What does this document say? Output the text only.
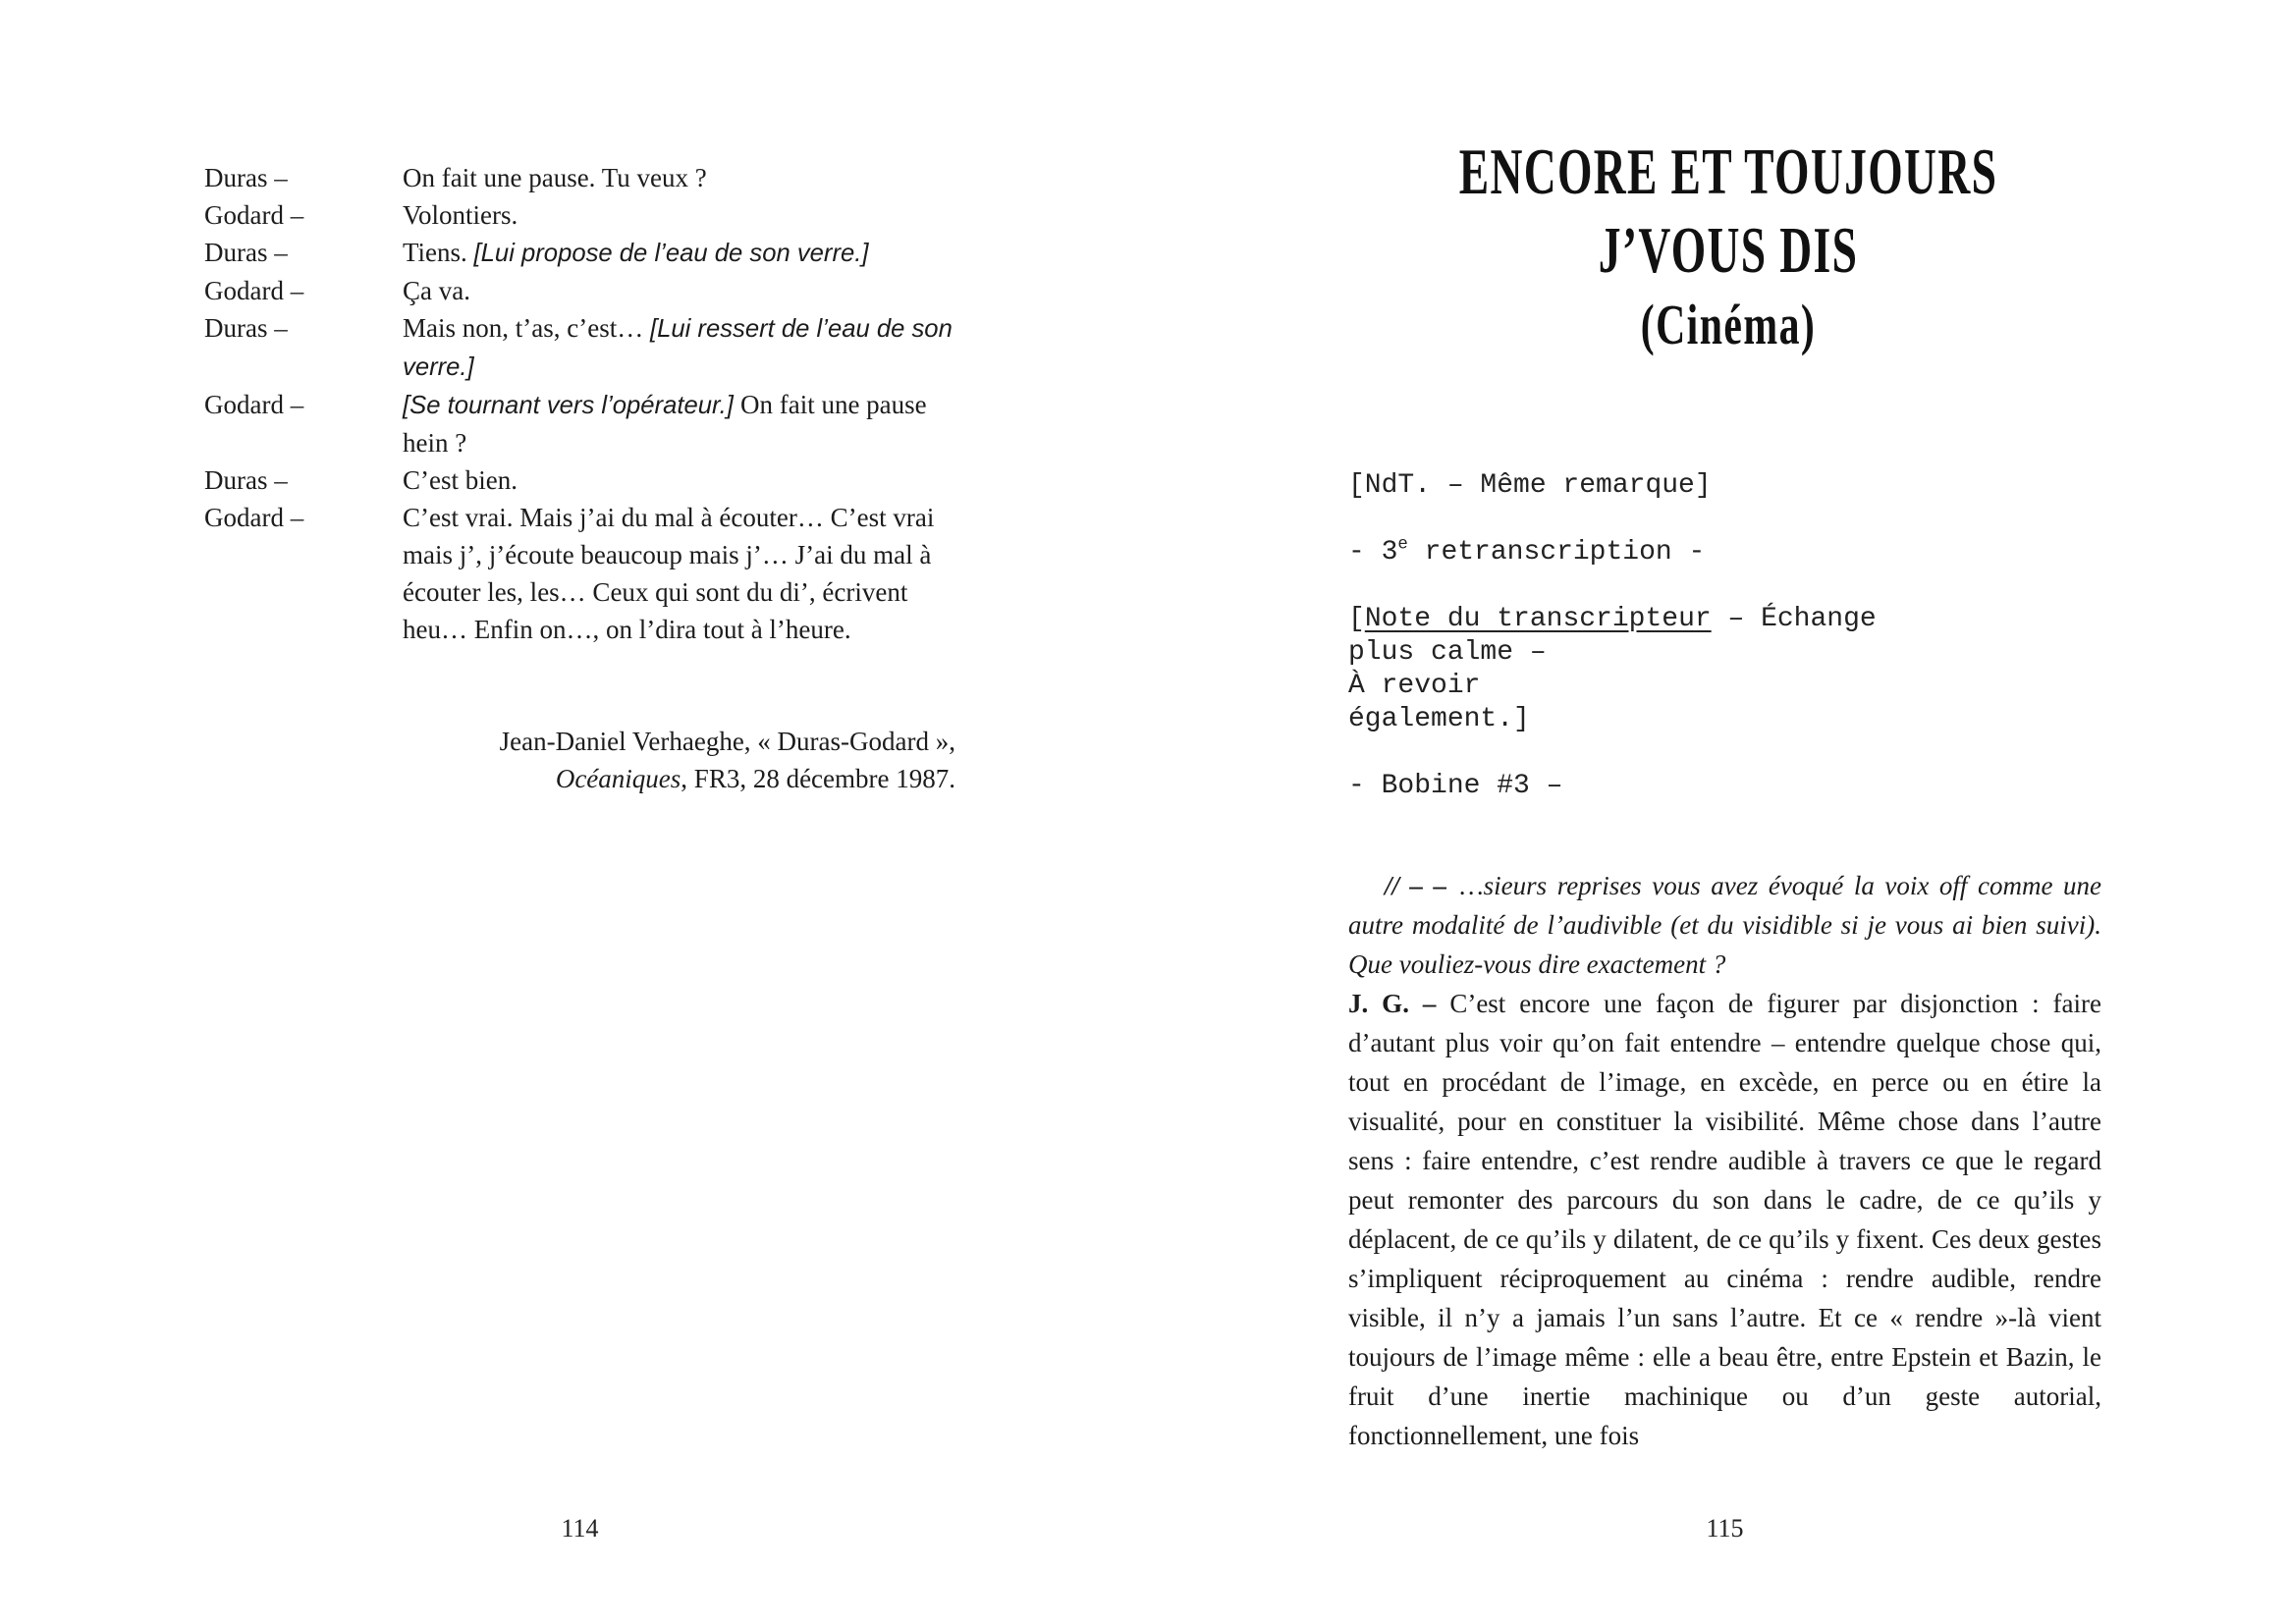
Duras –	On fait une pause. Tu veux ?
Godard –	Volontiers.
Duras –	Tiens. [Lui propose de l’eau de son verre.]
Godard –	Ça va.
Duras –	Mais non, t’as, c’est… [Lui ressert de l’eau de son verre.]
Godard –	[Se tournant vers l’opérateur.] On fait une pause hein ?
Duras –	C’est bien.
Godard –	C’est vrai. Mais j’ai du mal à écouter… C’est vrai mais j’, j’écoute beaucoup mais j’… J’ai du mal à écouter les, les… Ceux qui sont du di’, écrivent heu… Enfin on…, on l’dira tout à l’heure.
Jean-Daniel Verhaeghe, « Duras-Godard »,
Océaniques, FR3, 28 décembre 1987.
114
ENCORE ET TOUJOURS
J’VOUS DIS
(Cinéma)
[NdT. – Même remarque]
- 3e retranscription -
[Note du transcripteur – Échange
plus calme –
À revoir
également.]
- Bobine #3 –
// – – …sieurs reprises vous avez évoqué la voix off comme une autre modalité de l’audivible (et du visidible si je vous ai bien suivi). Que vouliez-vous dire exactement ?
J. G. – C’est encore une façon de figurer par disjonction : faire d’autant plus voir qu’on fait entendre – entendre quelque chose qui, tout en procédant de l’image, en excède, en perce ou en étire la visualité, pour en constituer la visibilité. Même chose dans l’autre sens : faire entendre, c’est rendre audible à travers ce que le regard peut remonter des parcours du son dans le cadre, de ce qu’ils y déplacent, de ce qu’ils y dilatent, de ce qu’ils y fixent. Ces deux gestes s’impliquent réciproquement au cinéma : rendre audible, rendre visible, il n’y a jamais l’un sans l’autre. Et ce « rendre »-là vient toujours de l’image même : elle a beau être, entre Epstein et Bazin, le fruit d’une inertie machinique ou d’un geste autorial, fonctionnellement, une fois
115
